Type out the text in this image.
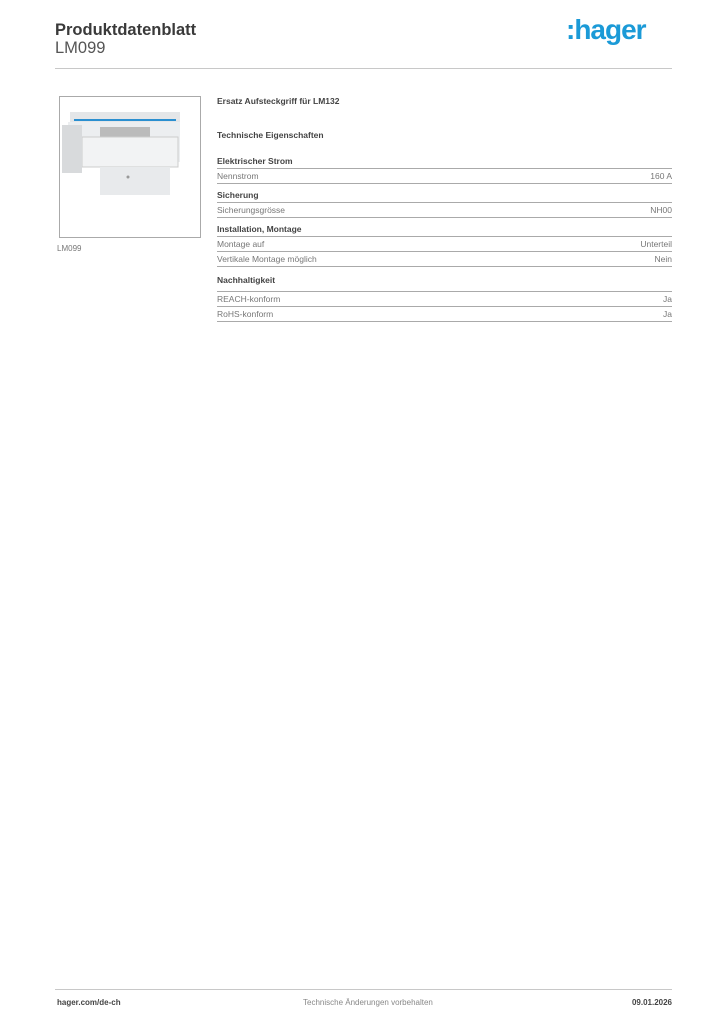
Produktdatenblatt
LM099
:hager
LM099
Ersatz Aufsteckgriff für LM132
Technische Eigenschaften
Elektrischer Strom
Nennstrom	160 A
Sicherung
Sicherungsgrösse	NH00
Installation, Montage
Montage auf	Unterteil
Vertikale Montage möglich	Nein
Nachhaltigkeit
REACH-konform	Ja
RoHS-konform	Ja
hager.com/de-ch	Technische Änderungen vorbehalten	09.01.2026
